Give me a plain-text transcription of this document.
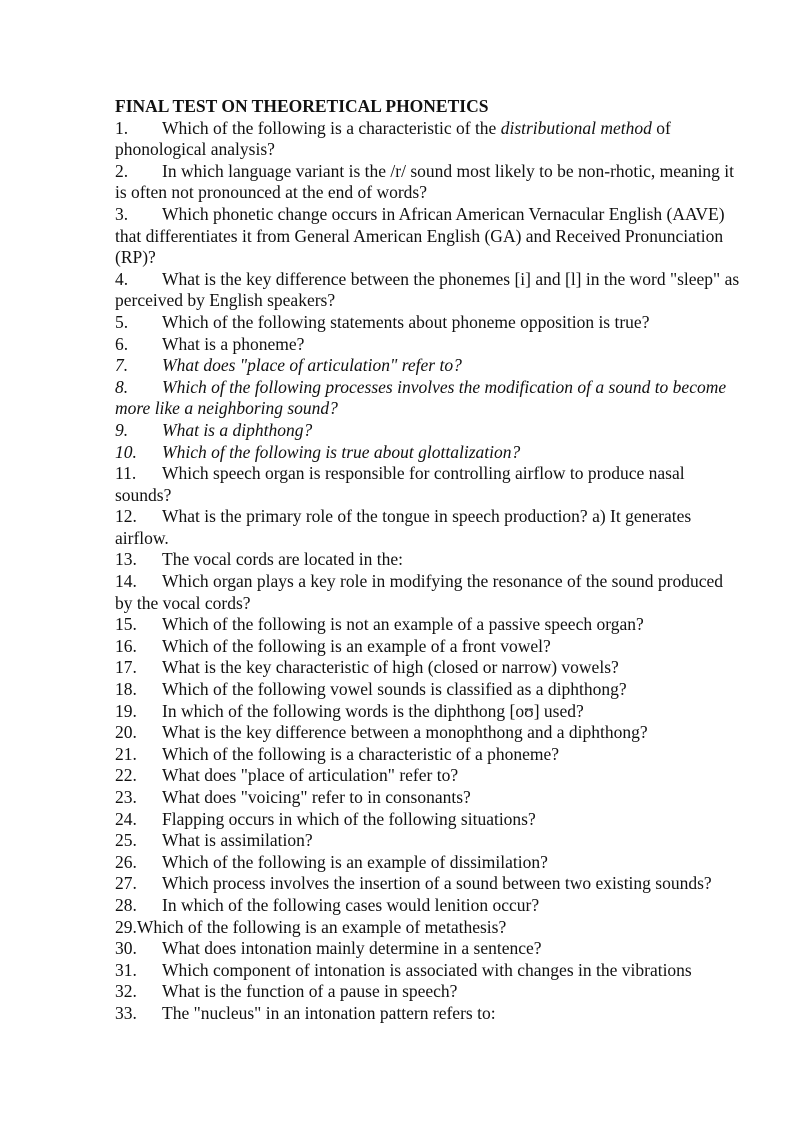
FINAL TEST ON THEORETICAL PHONETICS
1. Which of the following is a characteristic of the distributional method of phonological analysis?
2. In which language variant is the /r/ sound most likely to be non-rhotic, meaning it is often not pronounced at the end of words?
3. Which phonetic change occurs in African American Vernacular English (AAVE) that differentiates it from General American English (GA) and Received Pronunciation (RP)?
4. What is the key difference between the phonemes [i] and [l] in the word "sleep" as perceived by English speakers?
5. Which of the following statements about phoneme opposition is true?
6. What is a phoneme?
7. What does "place of articulation" refer to?
8. Which of the following processes involves the modification of a sound to become more like a neighboring sound?
9. What is a diphthong?
10. Which of the following is true about glottalization?
11. Which speech organ is responsible for controlling airflow to produce nasal sounds?
12. What is the primary role of the tongue in speech production? a) It generates airflow.
13. The vocal cords are located in the:
14. Which organ plays a key role in modifying the resonance of the sound produced by the vocal cords?
15. Which of the following is not an example of a passive speech organ?
16. Which of the following is an example of a front vowel?
17. What is the key characteristic of high (closed or narrow) vowels?
18. Which of the following vowel sounds is classified as a diphthong?
19. In which of the following words is the diphthong [oʊ] used?
20. What is the key difference between a monophthong and a diphthong?
21. Which of the following is a characteristic of a phoneme?
22. What does "place of articulation" refer to?
23. What does "voicing" refer to in consonants?
24. Flapping occurs in which of the following situations?
25. What is assimilation?
26. Which of the following is an example of dissimilation?
27. Which process involves the insertion of a sound between two existing sounds?
28. In which of the following cases would lenition occur?
29.Which of the following is an example of metathesis?
30. What does intonation mainly determine in a sentence?
31. Which component of intonation is associated with changes in the vibrations
32. What is the function of a pause in speech?
33. The "nucleus" in an intonation pattern refers to:
